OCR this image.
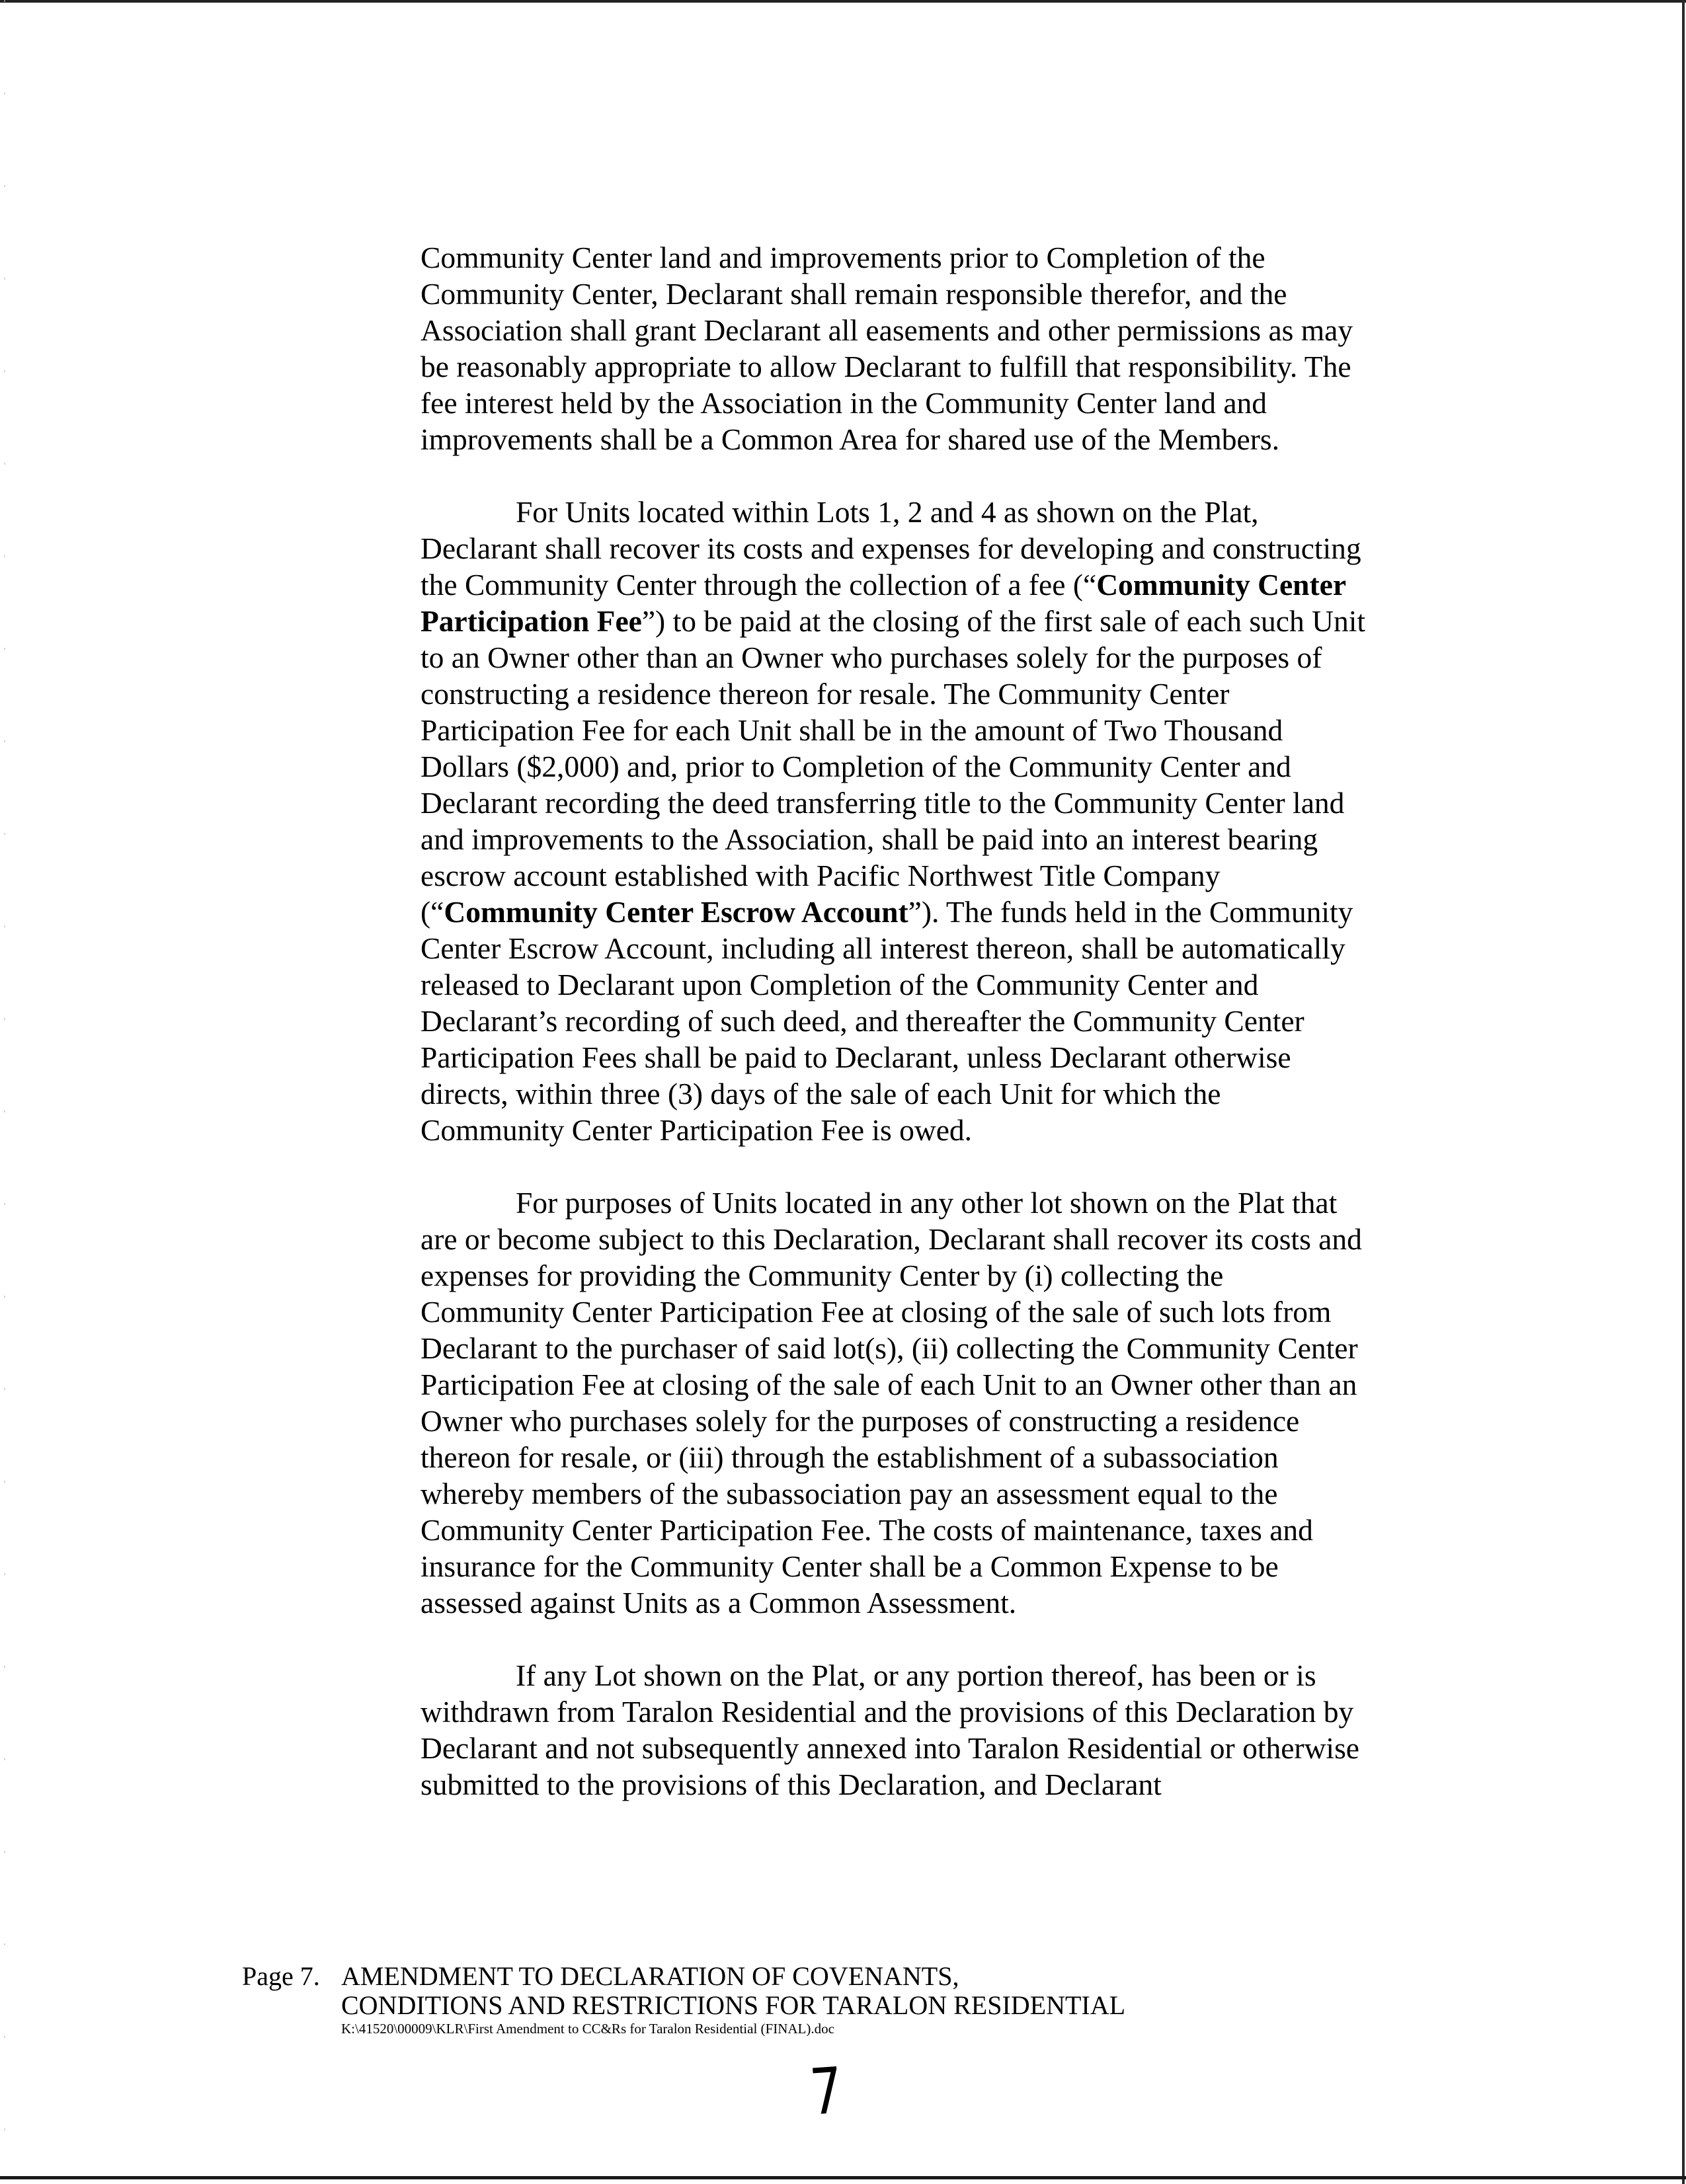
Community Center land and improvements prior to Completion of the Community Center, Declarant shall remain responsible therefor, and the Association shall grant Declarant all easements and other permissions as may be reasonably appropriate to allow Declarant to fulfill that responsibility. The fee interest held by the Association in the Community Center land and improvements shall be a Common Area for shared use of the Members.

For Units located within Lots 1, 2 and 4 as shown on the Plat, Declarant shall recover its costs and expenses for developing and constructing the Community Center through the collection of a fee (“Community Center Participation Fee”) to be paid at the closing of the first sale of each such Unit to an Owner other than an Owner who purchases solely for the purposes of constructing a residence thereon for resale. The Community Center Participation Fee for each Unit shall be in the amount of Two Thousand Dollars ($2,000) and, prior to Completion of the Community Center and Declarant recording the deed transferring title to the Community Center land and improvements to the Association, shall be paid into an interest bearing escrow account established with Pacific Northwest Title Company (“Community Center Escrow Account”). The funds held in the Community Center Escrow Account, including all interest thereon, shall be automatically released to Declarant upon Completion of the Community Center and Declarant’s recording of such deed, and thereafter the Community Center Participation Fees shall be paid to Declarant, unless Declarant otherwise directs, within three (3) days of the sale of each Unit for which the Community Center Participation Fee is owed.

For purposes of Units located in any other lot shown on the Plat that are or become subject to this Declaration, Declarant shall recover its costs and expenses for providing the Community Center by (i) collecting the Community Center Participation Fee at closing of the sale of such lots from Declarant to the purchaser of said lot(s), (ii) collecting the Community Center Participation Fee at closing of the sale of each Unit to an Owner other than an Owner who purchases solely for the purposes of constructing a residence thereon for resale, or (iii) through the establishment of a subassociation whereby members of the subassociation pay an assessment equal to the Community Center Participation Fee. The costs of maintenance, taxes and insurance for the Community Center shall be a Common Expense to be assessed against Units as a Common Assessment.

If any Lot shown on the Plat, or any portion thereof, has been or is withdrawn from Taralon Residential and the provisions of this Declaration by Declarant and not subsequently annexed into Taralon Residential or otherwise submitted to the provisions of this Declaration, and Declarant

Page 7. AMENDMENT TO DECLARATION OF COVENANTS,
CONDITIONS AND RESTRICTIONS FOR TARALON RESIDENTIAL
K:\41520\00009\KLR\First Amendment to CC&Rs for Taralon Residential (FINAL).doc
7
